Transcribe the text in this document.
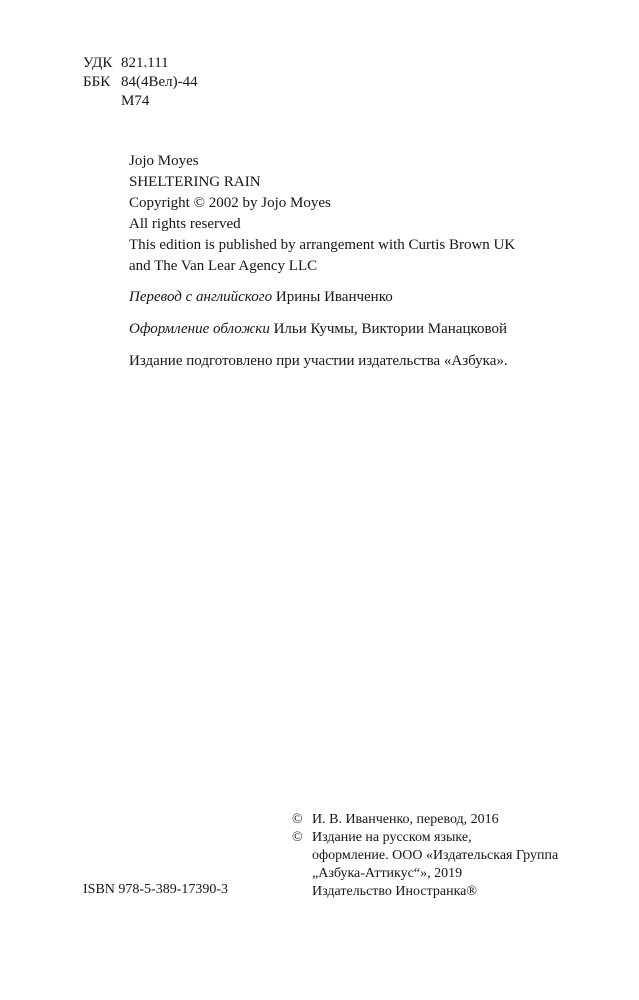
УДК 821.111
ББК 84(4Вел)-44
М74
Jojo Moyes
SHELTERING RAIN
Copyright © 2002 by Jojo Moyes
All rights reserved
This edition is published by arrangement with Curtis Brown UK
and The Van Lear Agency LLC
Перевод с английского Ирины Иванченко
Оформление обложки Ильи Кучмы, Виктории Манацковой
Издание подготовлено при участии издательства «Азбука».
© И. В. Иванченко, перевод, 2016
© Издание на русском языке,
оформление. ООО «Издательская Группа
„Азбука-Аттикус“», 2019
Издательство Иностранка®
ISBN 978-5-389-17390-3
